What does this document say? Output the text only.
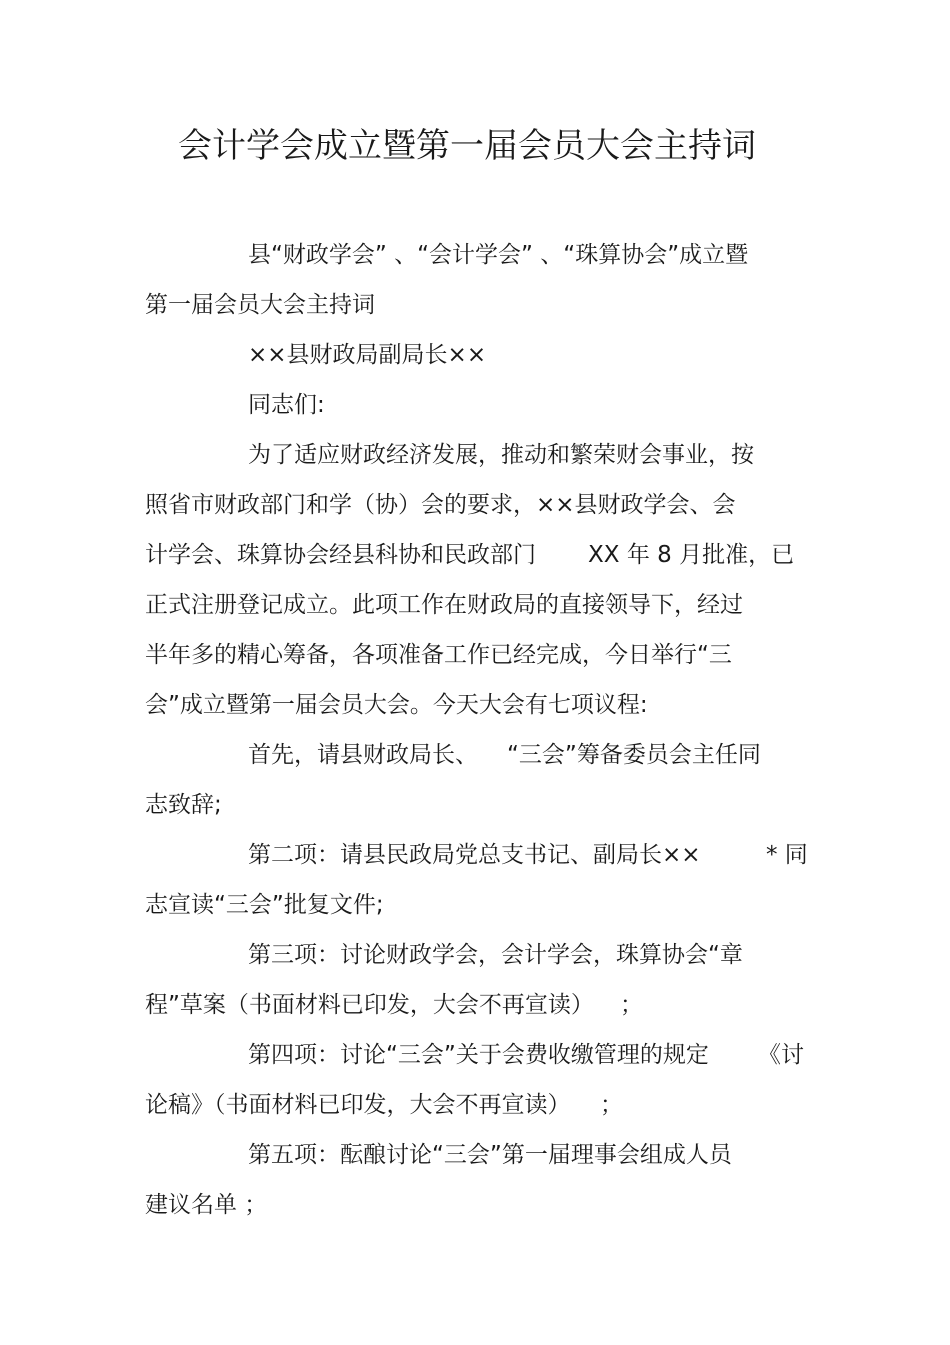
会计学会成立暨第一届会员大会主持词
县“财政学会” 、“会计学会” 、“珠算协会”成立暨
第一届会员大会主持词
××县财政局副局长××
同志们:
为了适应财政经济发展，推动和繁荣财会事业，按
照省市财政部门和学（协）会的要求，××县财政学会、会
计学会、珠算协会经县科协和民政部门 XX 年 8 月批准，已
正式注册登记成立。此项工作在财政局的直接领导下，经过
半年多的精心筹备，各项准备工作已经完成，今日举行“三
会”成立暨第一届会员大会。今天大会有七项议程:
首先，请县财政局长、 “三会”筹备委员会主任同
志致辞;
第二项：请县民政局党总支书记、副局长××	* 同
志宣读“三会”批复文件;
第三项：讨论财政学会，会计学会，珠算协会“章
程”草案（书面材料已印发，大会不再宣读） ；
第四项：讨论“三会”关于会费收缴管理的规定 《讨
论稿》（书面材料已印发，大会不再宣读） ；
第五项：酝酿讨论“三会”第一届理事会组成人员
建议名单 ；
